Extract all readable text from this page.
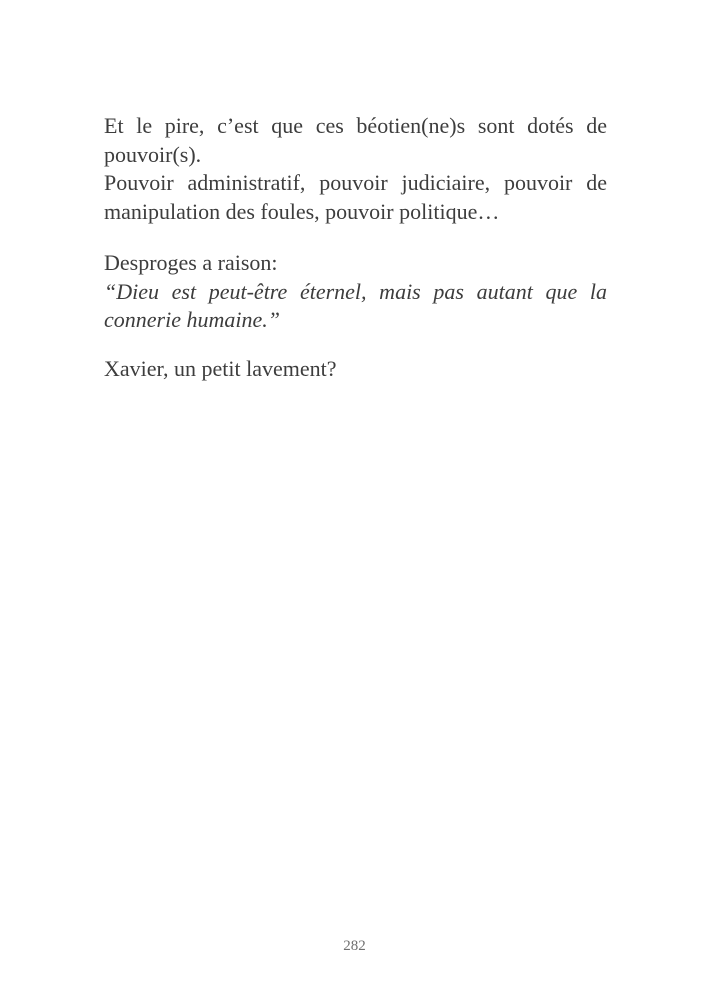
Et le pire, c’est que ces béotien(ne)s sont dotés de
pouvoir(s).
Pouvoir administratif, pouvoir judiciaire, pouvoir de
manipulation des foules, pouvoir politique…
Desproges a raison:
“Dieu est peut-être éternel, mais pas autant que la
connerie humaine.”
Xavier, un petit lavement?
282
